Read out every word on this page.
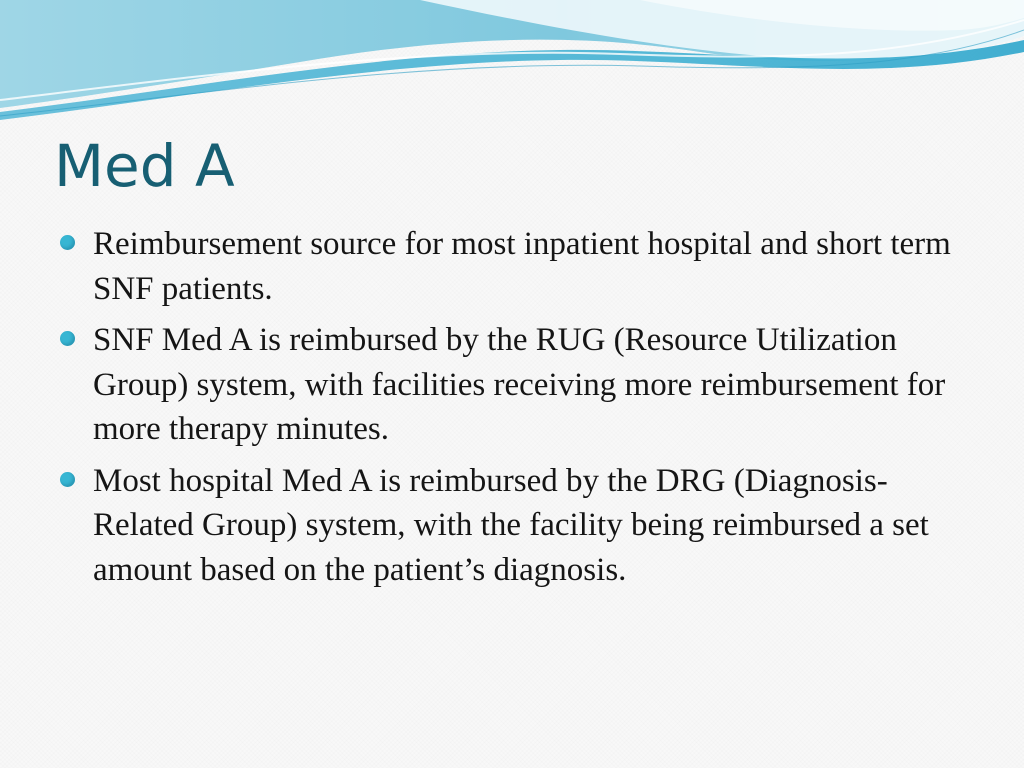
Med A
Reimbursement source for most inpatient hospital and short term SNF patients.
SNF Med A is reimbursed by the RUG (Resource Utilization Group) system, with facilities receiving more reimbursement for more therapy minutes.
Most hospital Med A is reimbursed by the DRG (Diagnosis-Related Group) system, with the facility being reimbursed a set amount based on the patient’s diagnosis.
